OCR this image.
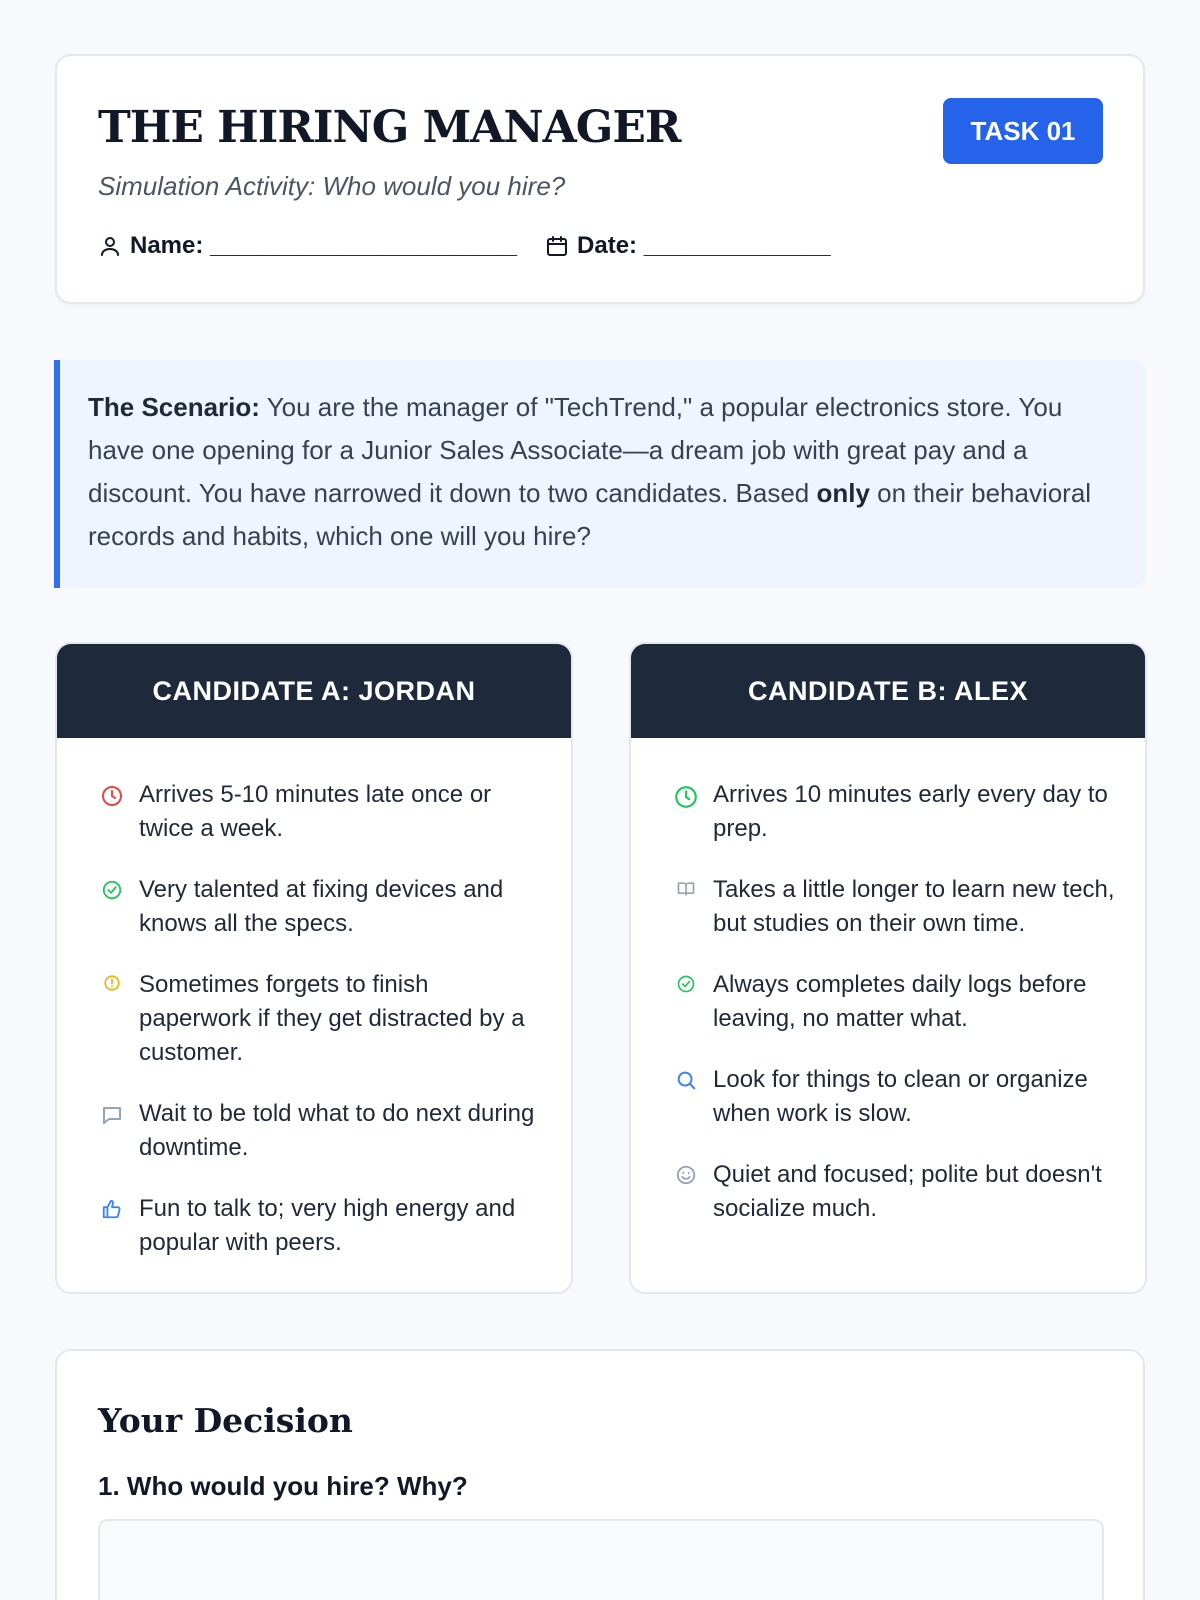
THE HIRING MANAGER
Simulation Activity: Who would you hire?
TASK 01
Name: _______________________	Date: ______________
The Scenario: You are the manager of "TechTrend," a popular electronics store. You have one opening for a Junior Sales Associate—a dream job with great pay and a discount. You have narrowed it down to two candidates. Based only on their behavioral records and habits, which one will you hire?
CANDIDATE A: JORDAN
Arrives 5-10 minutes late once or twice a week.
Very talented at fixing devices and knows all the specs.
Sometimes forgets to finish paperwork if they get distracted by a customer.
Wait to be told what to do next during downtime.
Fun to talk to; very high energy and popular with peers.
CANDIDATE B: ALEX
Arrives 10 minutes early every day to prep.
Takes a little longer to learn new tech, but studies on their own time.
Always completes daily logs before leaving, no matter what.
Look for things to clean or organize when work is slow.
Quiet and focused; polite but doesn't socialize much.
Your Decision
1. Who would you hire? Why?
